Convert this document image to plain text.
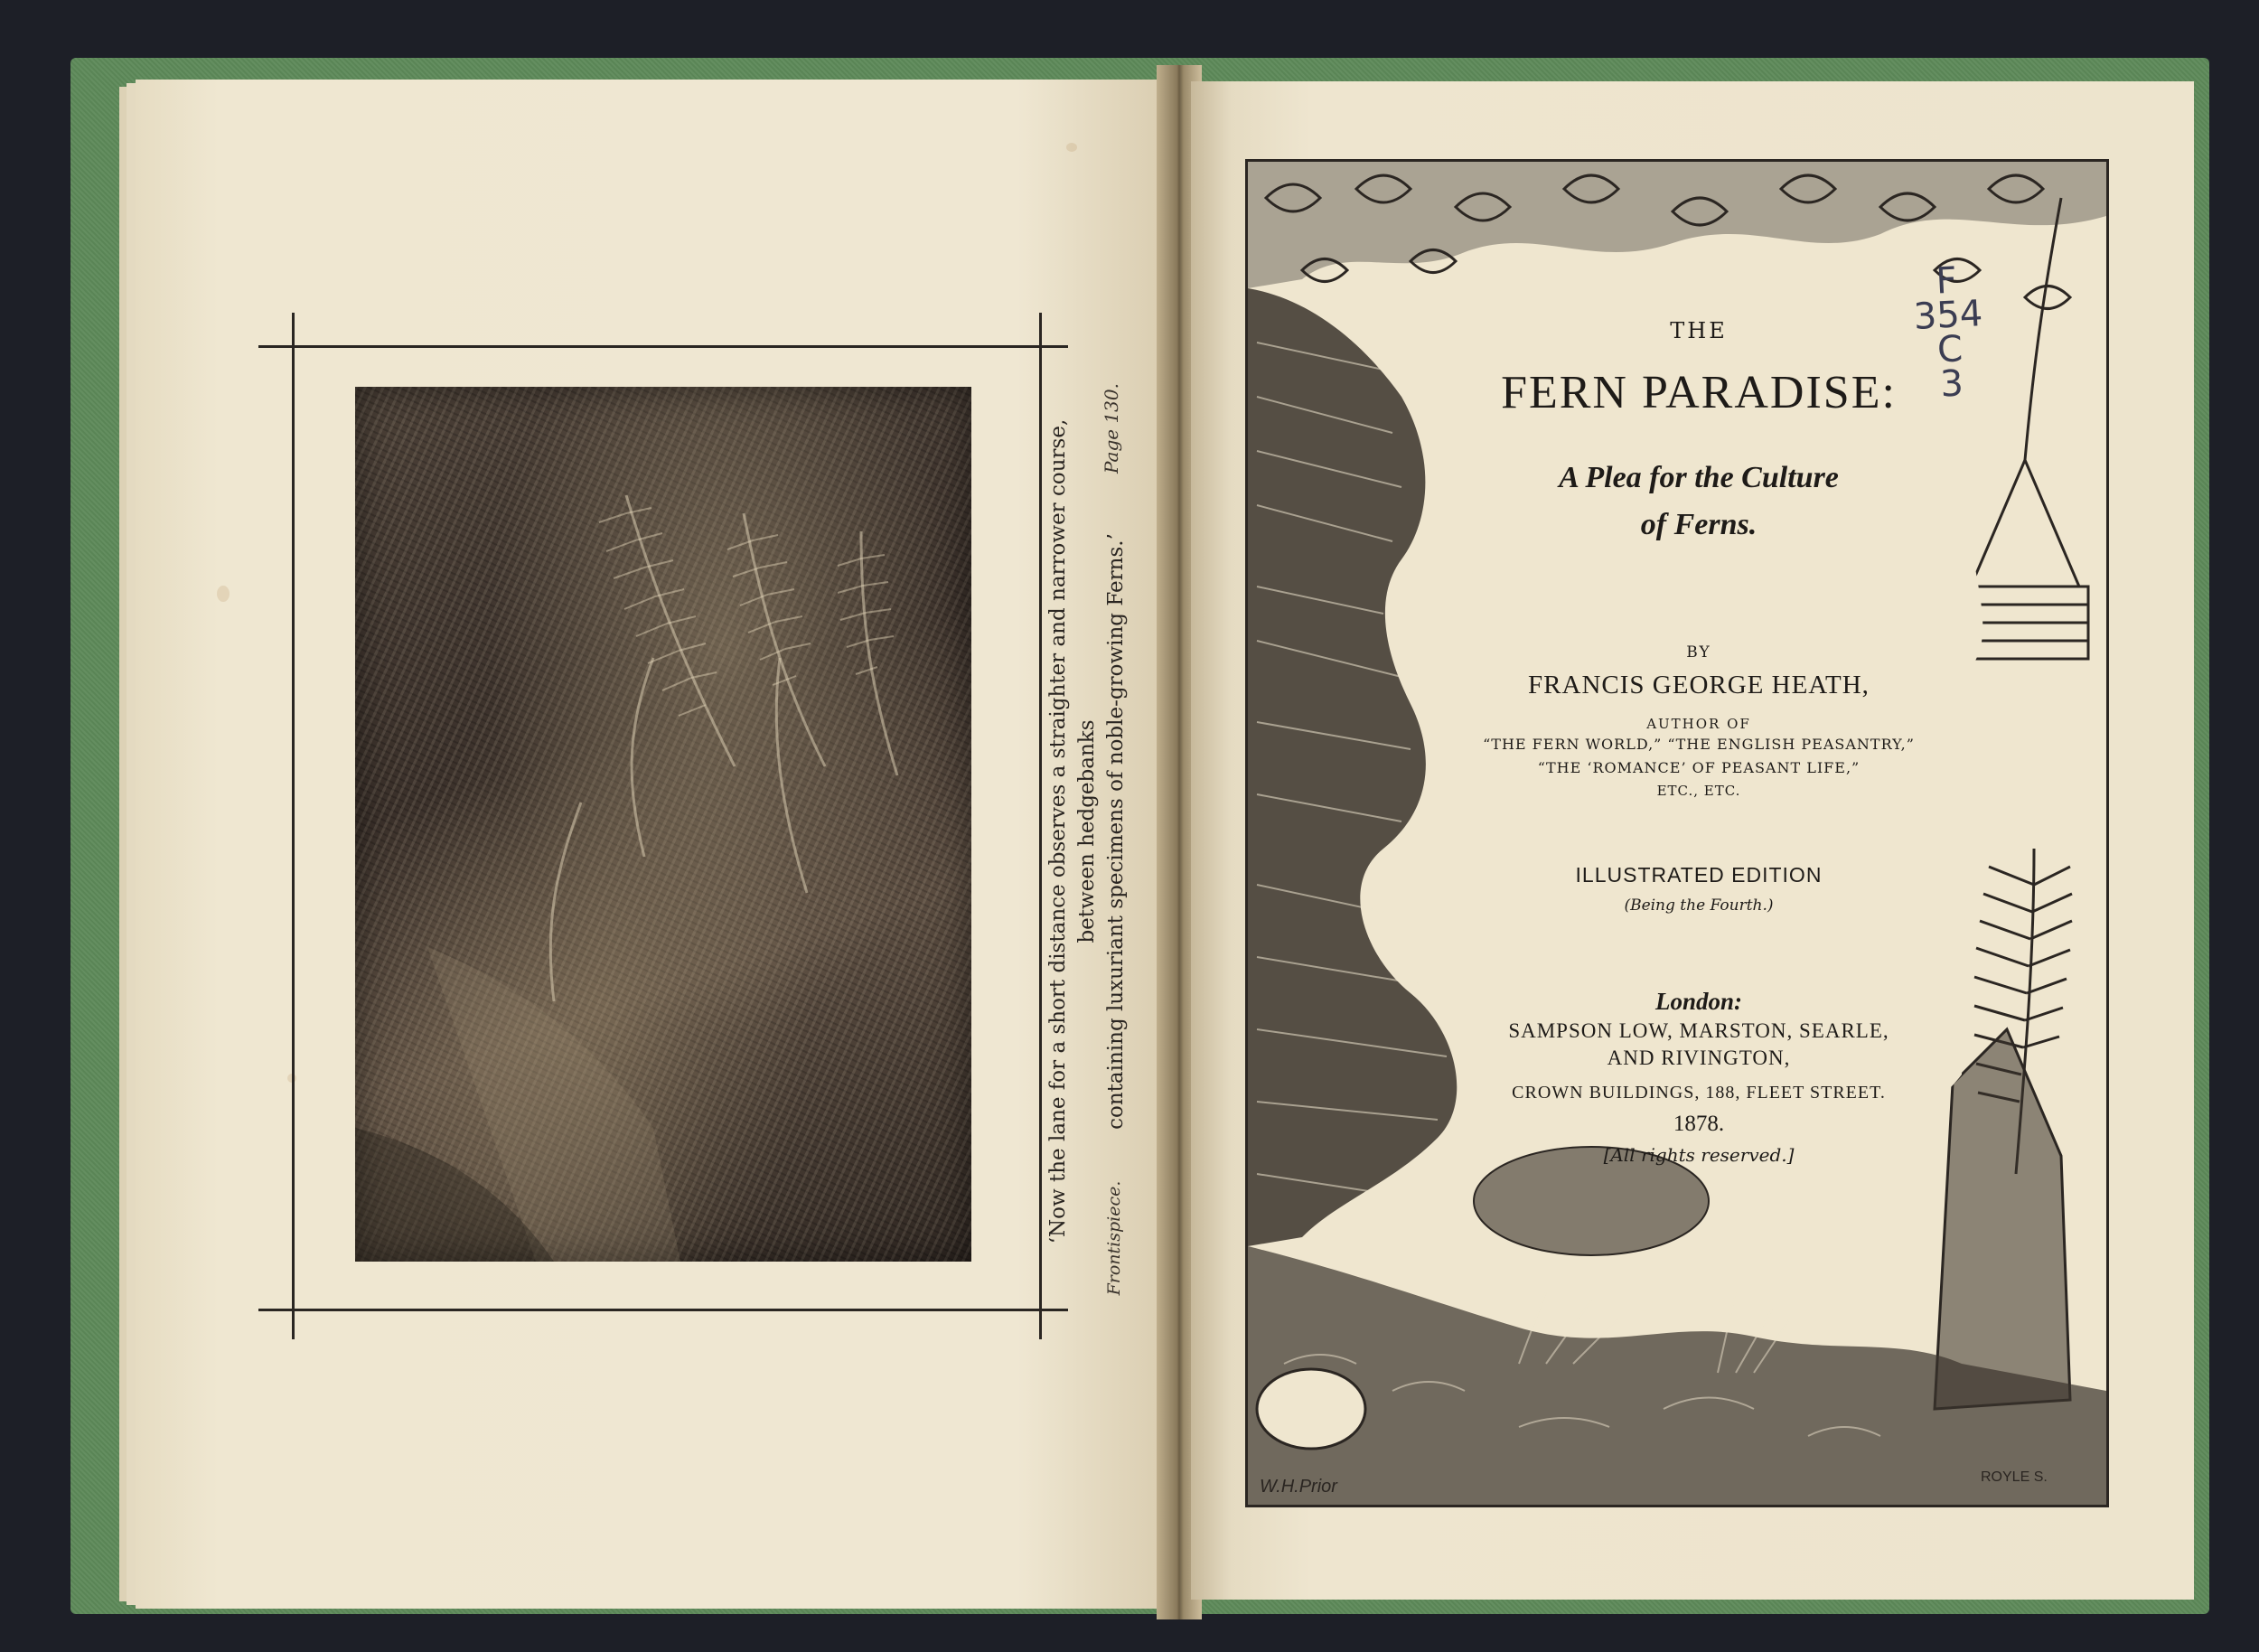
‘Now the lane for a short distance observes a straighter and narrower course, between hedgebanks containing luxuriant specimens of noble-growing Ferns.’
Page 130.
Frontispiece.
W.H.Prior	ROYLE S.
THE
FERN PARADISE:
A Plea for the Culture
of Ferns.
BY
FRANCIS GEORGE HEATH,
AUTHOR OF
“THE FERN WORLD,” “THE ENGLISH PEASANTRY,”
“THE ‘ROMANCE’ OF PEASANT LIFE,”
ETC., ETC.
ILLUSTRATED EDITION
(Being the Fourth.)
London:
SAMPSON LOW, MARSTON, SEARLE,
AND RIVINGTON,
CROWN BUILDINGS, 188, FLEET STREET.
1878.
[All rights reserved.]
F
354
C
3
